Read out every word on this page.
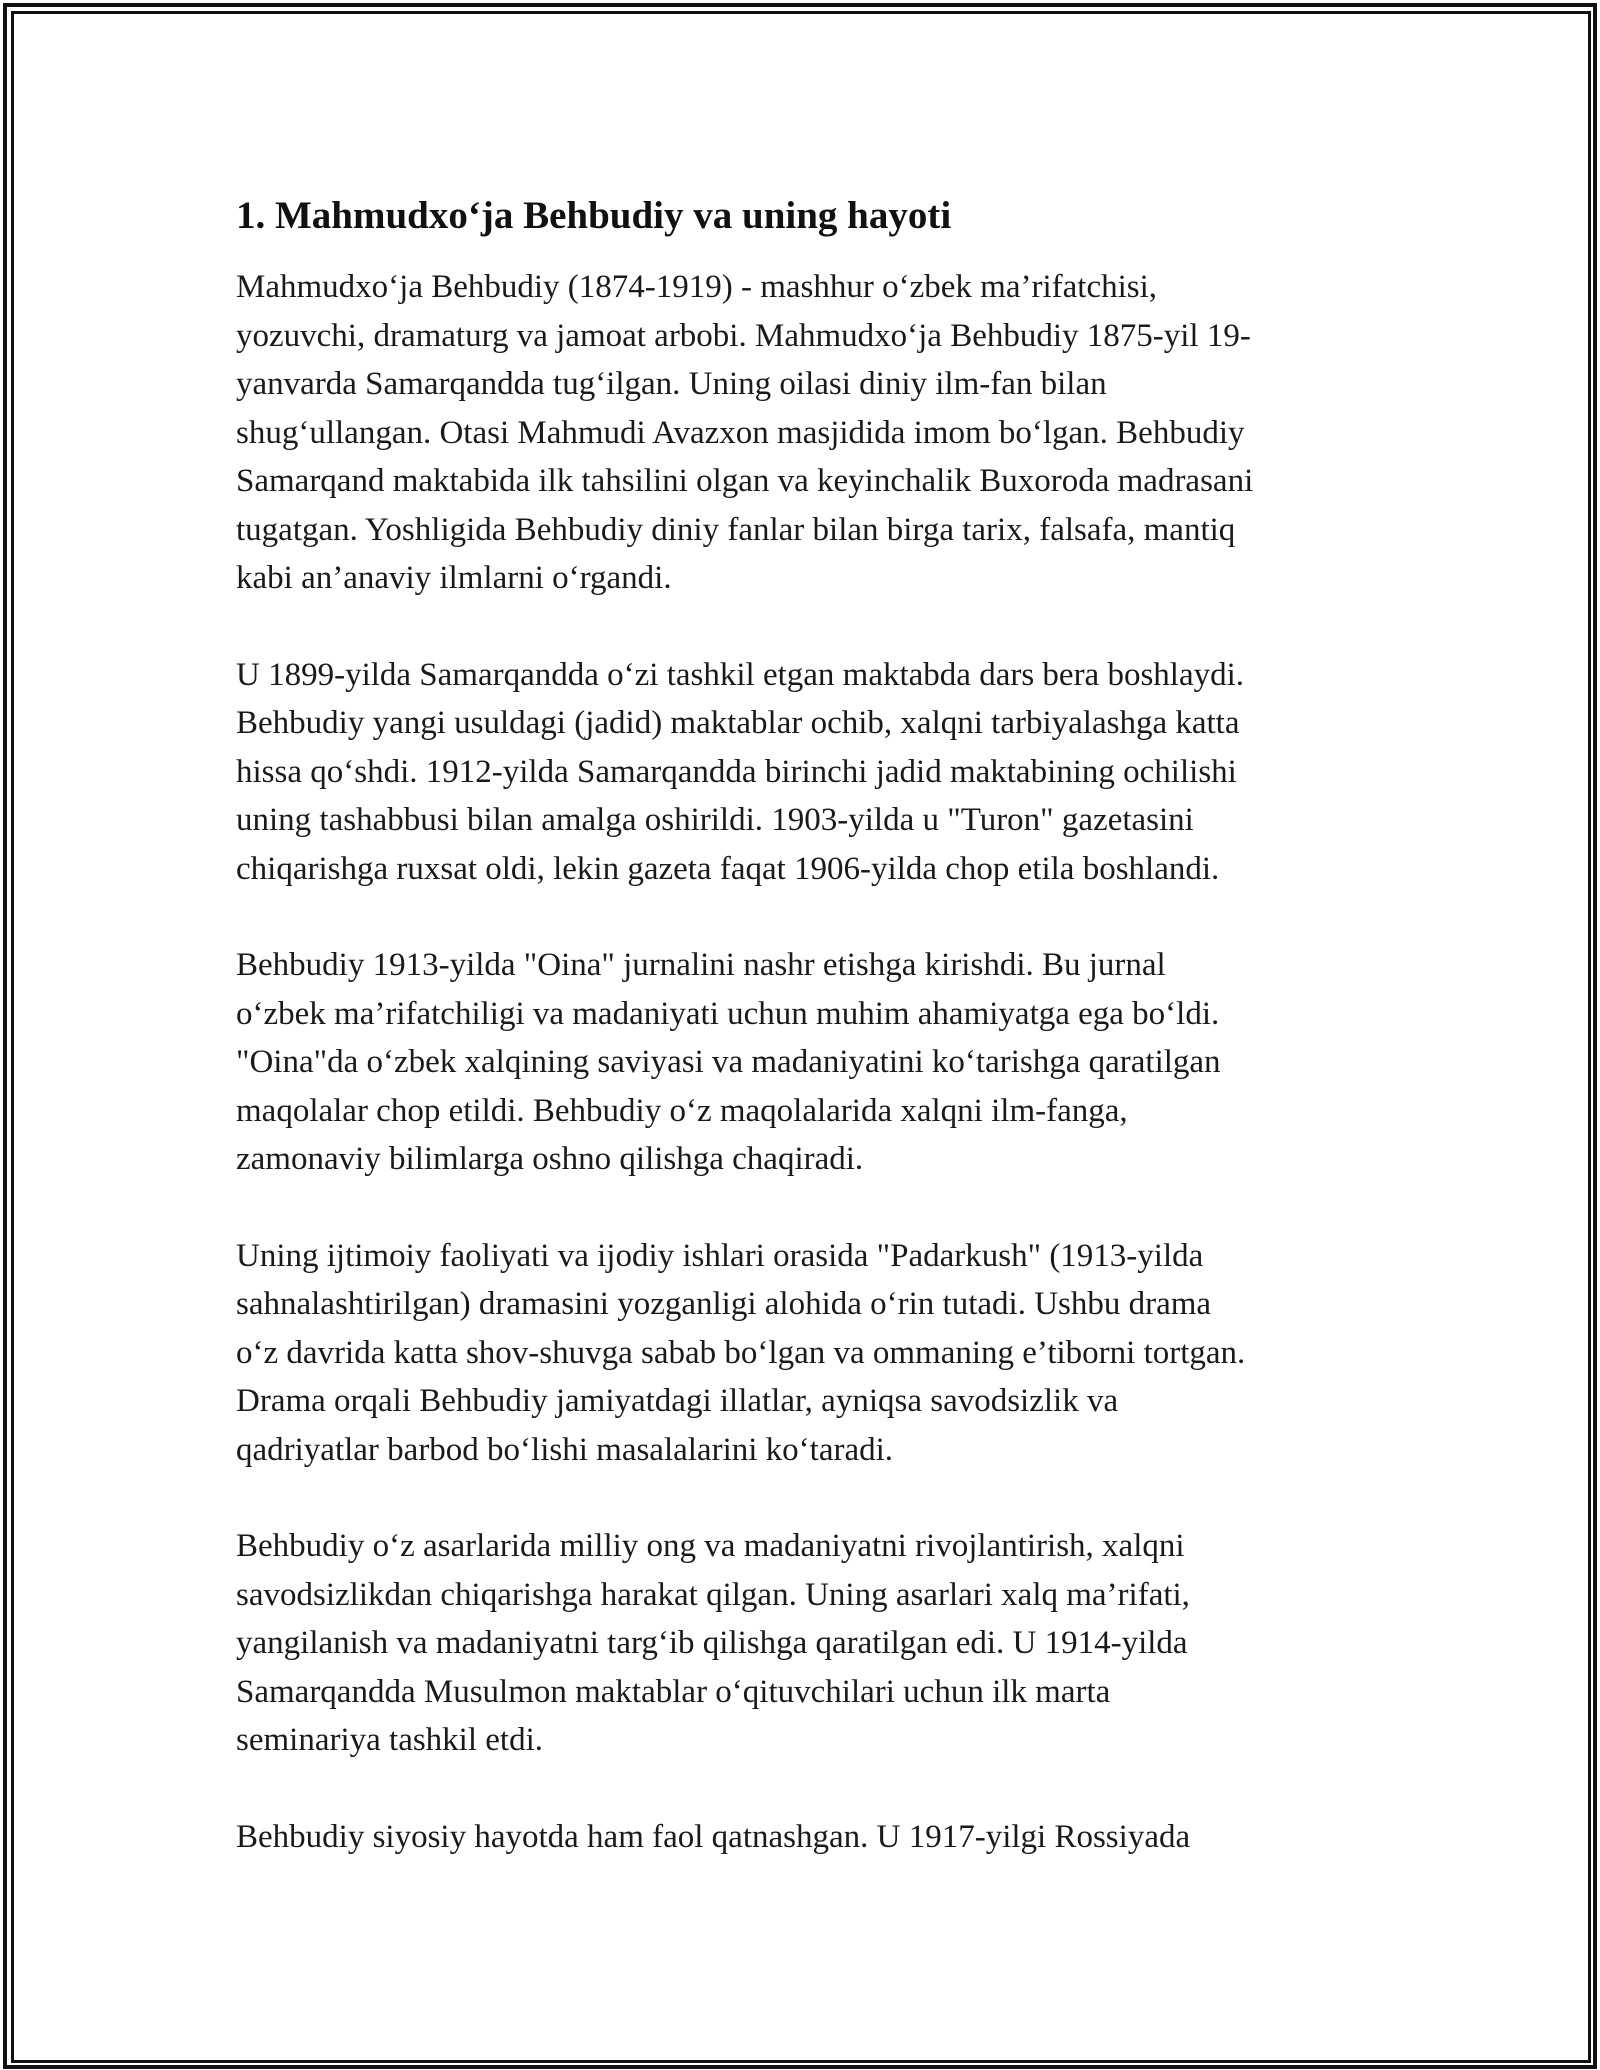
1. Mahmudxo‘ja Behbudiy va uning hayoti

Mahmudxo‘ja Behbudiy (1874-1919) - mashhur o‘zbek ma’rifatchisi,
yozuvchi, dramaturg va jamoat arbobi. Mahmudxo‘ja Behbudiy 1875-yil 19-
yanvarda Samarqandda tug‘ilgan. Uning oilasi diniy ilm-fan bilan
shug‘ullangan. Otasi Mahmudi Avazxon masjidida imom bo‘lgan. Behbudiy
Samarqand maktabida ilk tahsilini olgan va keyinchalik Buxoroda madrasani
tugatgan. Yoshligida Behbudiy diniy fanlar bilan birga tarix, falsafa, mantiq
kabi an’anaviy ilmlarni o‘rgandi.

U 1899-yilda Samarqandda o‘zi tashkil etgan maktabda dars bera boshlaydi.
Behbudiy yangi usuldagi (jadid) maktablar ochib, xalqni tarbiyalashga katta
hissa qo‘shdi. 1912-yilda Samarqandda birinchi jadid maktabining ochilishi
uning tashabbusi bilan amalga oshirildi. 1903-yilda u "Turon" gazetasini
chiqarishga ruxsat oldi, lekin gazeta faqat 1906-yilda chop etila boshlandi.

Behbudiy 1913-yilda "Oina" jurnalini nashr etishga kirishdi. Bu jurnal
o‘zbek ma’rifatchiligi va madaniyati uchun muhim ahamiyatga ega bo‘ldi.
"Oina"da o‘zbek xalqining saviyasi va madaniyatini ko‘tarishga qaratilgan
maqolalar chop etildi. Behbudiy o‘z maqolalarida xalqni ilm-fanga,
zamonaviy bilimlarga oshno qilishga chaqiradi.

Uning ijtimoiy faoliyati va ijodiy ishlari orasida "Padarkush" (1913-yilda
sahnalashtirilgan) dramasini yozganligi alohida o‘rin tutadi. Ushbu drama
o‘z davrida katta shov-shuvga sabab bo‘lgan va ommaning e’tiborni tortgan.
Drama orqali Behbudiy jamiyatdagi illatlar, ayniqsa savodsizlik va
qadriyatlar barbod bo‘lishi masalalarini ko‘taradi.

Behbudiy o‘z asarlarida milliy ong va madaniyatni rivojlantirish, xalqni
savodsizlikdan chiqarishga harakat qilgan. Uning asarlari xalq ma’rifati,
yangilanish va madaniyatni targ‘ib qilishga qaratilgan edi. U 1914-yilda
Samarqandda Musulmon maktablar o‘qituvchilari uchun ilk marta
seminariya tashkil etdi.

Behbudiy siyosiy hayotda ham faol qatnashgan. U 1917-yilgi Rossiyada
